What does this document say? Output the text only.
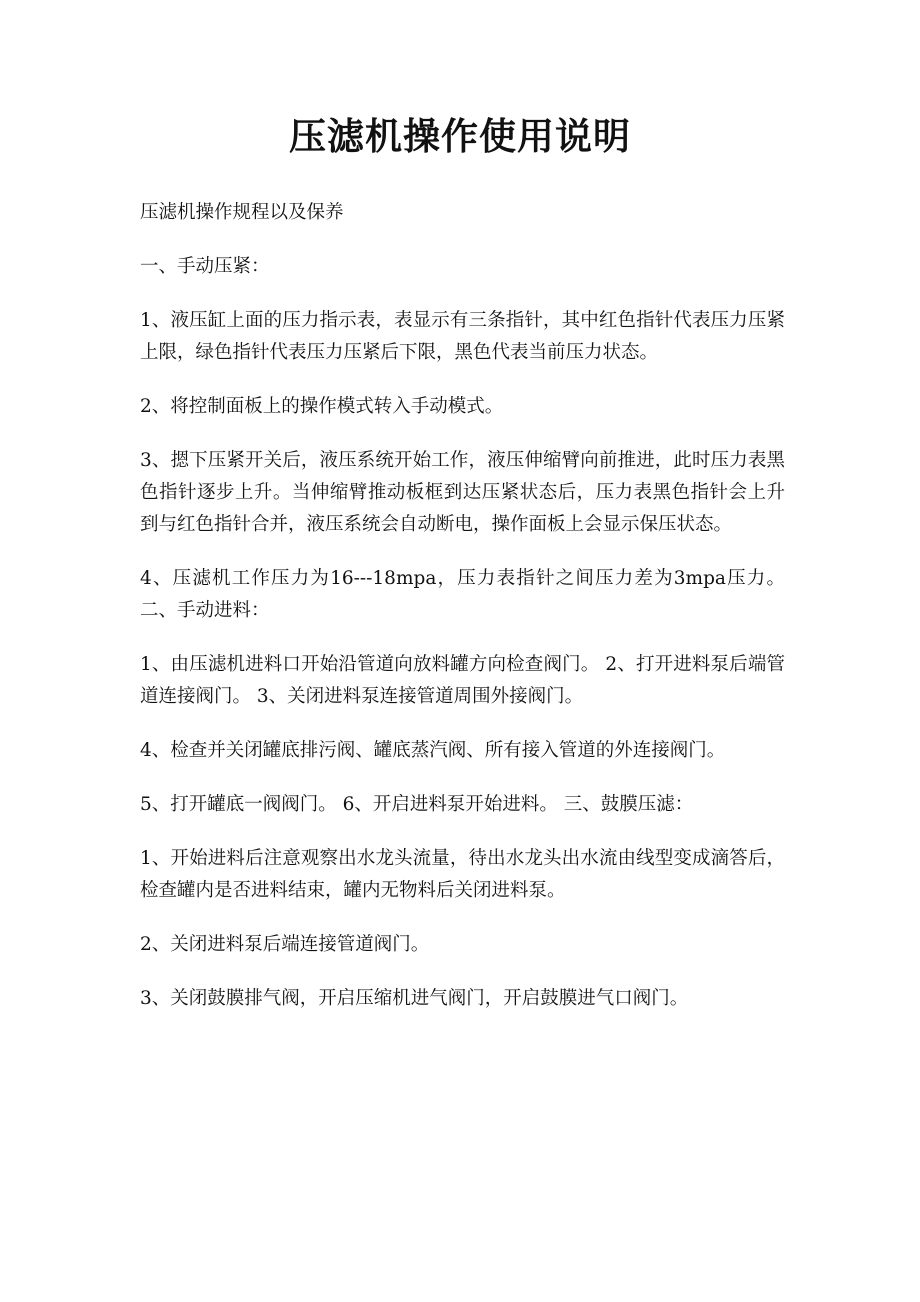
压滤机操作使用说明

压滤机操作规程以及保养

一、手动压紧：

1、液压缸上面的压力指示表，表显示有三条指针，其中红色指针代表压力压紧上限，绿色指针代表压力压紧后下限，黑色代表当前压力状态。

2、将控制面板上的操作模式转入手动模式。

3、摁下压紧开关后，液压系统开始工作，液压伸缩臂向前推进，此时压力表黑色指针逐步上升。当伸缩臂推动板框到达压紧状态后，压力表黑色指针会上升到与红色指针合并，液压系统会自动断电，操作面板上会显示保压状态。

4、压滤机工作压力为16---18mpa，压力表指针之间压力差为3mpa压力。 二、手动进料：

1、由压滤机进料口开始沿管道向放料罐方向检查阀门。 2、打开进料泵后端管道连接阀门。 3、关闭进料泵连接管道周围外接阀门。

4、检查并关闭罐底排污阀、罐底蒸汽阀、所有接入管道的外连接阀门。

5、打开罐底一阀阀门。 6、开启进料泵开始进料。 三、鼓膜压滤：

1、开始进料后注意观察出水龙头流量，待出水龙头出水流由线型变成滴答后，检查罐内是否进料结束，罐内无物料后关闭进料泵。

2、关闭进料泵后端连接管道阀门。

3、关闭鼓膜排气阀，开启压缩机进气阀门，开启鼓膜进气口阀门。
